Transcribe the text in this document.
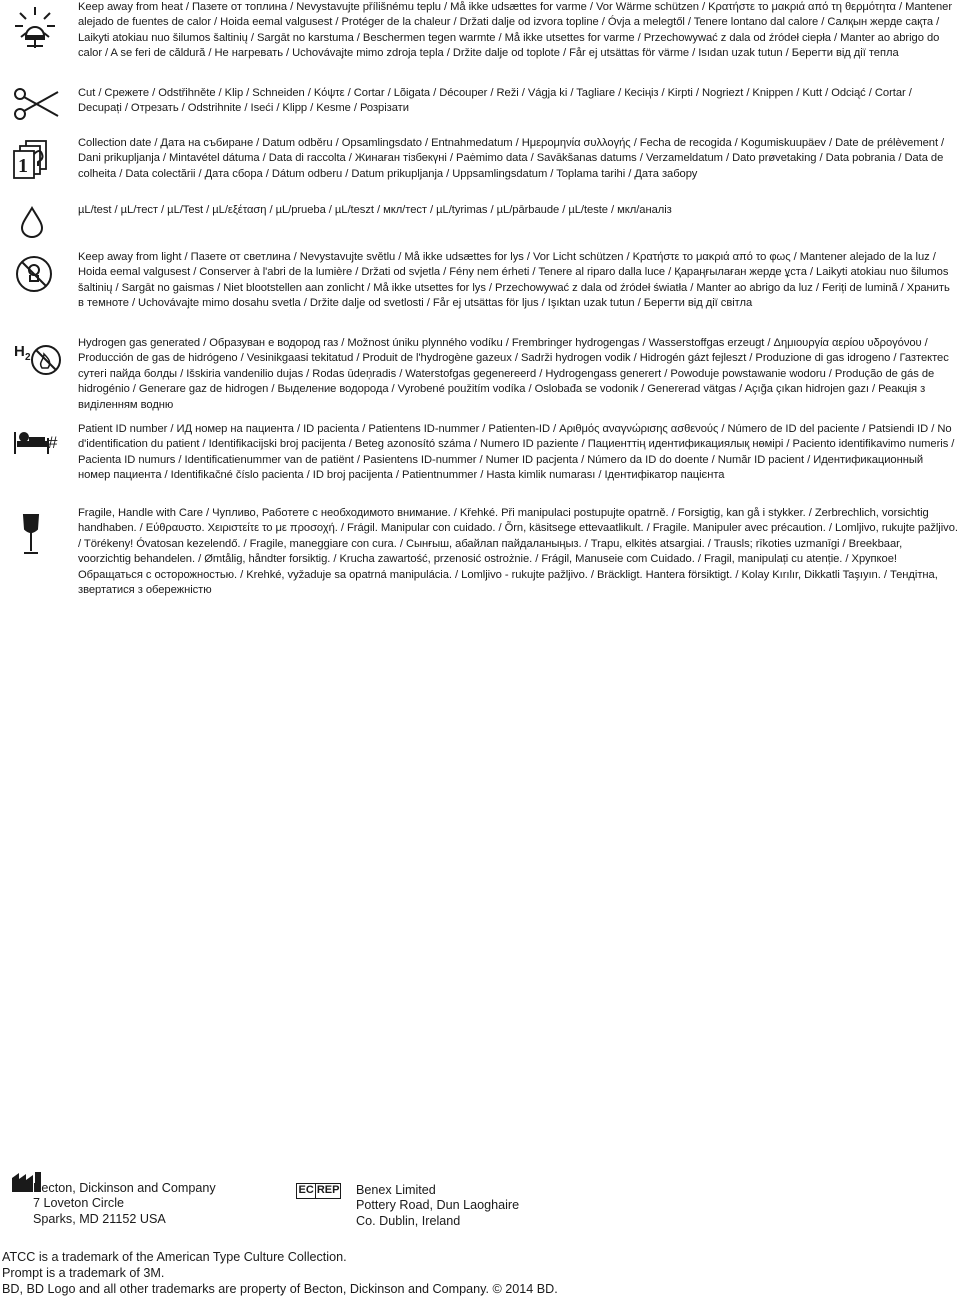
Keep away from heat / Пазете от топлина / Nevystavujte přílišnému teplu / Må ikke udsættes for varme / Vor Wärme schützen / Κρατήστε το μακριά από τη θερμότητα / Mantener alejado de fuentes de calor / Hoida eemal valgusest / Protéger de la chaleur / Držati dalje od izvora topline / Óvja a melegtől / Tenere lontano dal calore / Салқын жерде сақта / Laikyti atokiau nuo šilumos šaltinių / Sargāt no karstuma / Beschermen tegen warmte / Må ikke utsettes for varme / Przechowywać z dala od źródeł ciepła / Manter ao abrigo do calor / A se feri de căldură / Не нагревать / Uchovávajte mimo zdroja tepla / Držite dalje od toplote / Får ej utsättas för värme / Isıdan uzak tutun / Берегти від дії тепла
Cut / Срежете / Odstřihněte / Klip / Schneiden / Κόψτε / Cortar / Lõigata / Découper / Reži / Vágja ki / Tagliare / Кесіңіз / Kirpti / Nogriezt / Knippen / Kutt / Odciąć / Cortar / Decupați / Отрезать / Odstrihnite / Iseći / Klipp / Kesme / Розрізати
1
Collection date / Дата на събиране / Datum odběru / Opsamlingsdato / Entnahmedatum / Ημερομηνία συλλογής / Fecha de recogida / Kogumiskuupäev / Date de prélèvement / Dani prikupljanja / Mintavétel dátuma / Data di raccolta / Жинаған тізбекүні / Paėmimo data / Savākšanas datums / Verzameldatum / Dato prøvetaking / Data pobrania / Data de colheita / Data colectării / Дата сбора / Dátum odberu / Datum prikupljanja / Uppsamlingsdatum / Toplama tarihi / Дата забору
µL/test / µL/тест / µL/Test / µL/εξέταση / µL/prueba / µL/teszt / мкл/тест / µL/tyrimas / µL/pārbaude / µL/teste / мкл/аналіз
Keep away from light / Пазете от светлина / Nevystavujte světlu / Må ikke udsættes for lys / Vor Licht schützen / Κρατήστε το μακριά από το φως / Mantener alejado de la luz / Hoida eemal valgusest / Conserver à l'abri de la lumière / Držati od svjetla / Fény nem érheti / Tenere al riparo dalla luce / Қараңғылаған жерде ұста / Laikyti atokiau nuo šilumos šaltinių / Sargāt no gaismas / Niet blootstellen aan zonlicht / Må ikke utsettes for lys / Przechowywać z dala od źródeł światła / Manter ao abrigo da luz / Feriți de lumină / Хранить в темноте / Uchovávajte mimo dosahu svetla / Držite dalje od svetlosti / Får ej utsättas för ljus / Işıktan uzak tutun / Берегти від дії світла
H 2
Hydrogen gas generated / Образуван е водород газ / Možnost úniku plynného vodíku / Frembringer hydrogengas / Wasserstoffgas erzeugt / Δημιουργία αερίου υδρογόνου / Producción de gas de hidrógeno / Vesinikgaasi tekitatud / Produit de l'hydrogène gazeux / Sadrži hydrogen vodik / Hidrogén gázt fejleszt / Produzione di gas idrogeno / Газтектес сутегі пайда болды / Išskiria vandenilio dujas / Rodas ūdeņradis / Waterstofgas gegenereerd / Hydrogengass generert / Powoduje powstawanie wodoru / Produção de gás de hidrogénio / Generare gaz de hidrogen / Выделение водорода / Vyrobené použitím vodíka / Oslobađa se vodonik / Genererad vätgas / Açığa çıkan hidrojen gazı / Реакція з виділенням водню
#
Patient ID number / ИД номер на пациента / ID pacienta / Patientens ID-nummer / Patienten-ID / Αριθμός αναγνώρισης ασθενούς / Número de ID del paciente / Patsiendi ID / No d'identification du patient / Identifikacijski broj pacijenta / Beteg azonosító száma / Numero ID paziente / Пациенттің идентификациялық нөмірі / Paciento identifikavimo numeris / Pacienta ID numurs / Identificatienummer van de patiënt / Pasientens ID-nummer / Numer ID pacjenta / Número da ID do doente / Număr ID pacient / Идентификационный номер пациента / Identifikačné číslo pacienta / ID broj pacijenta / Patientnummer / Hasta kimlik numarası / Ідентифікатор пацієнта
Fragile, Handle with Care / Чупливо, Работете с необходимото внимание. / Křehké. Při manipulaci postupujte opatrně. / Forsigtig, kan gå i stykker. / Zerbrechlich, vorsichtig handhaben. / Εύθραυστο. Χειριστείτε το με προσοχή. / Frágil. Manipular con cuidado. / Õrn, käsitsege ettevaatlikult. / Fragile. Manipuler avec précaution. / Lomljivo, rukujte pažljivo. / Törékeny! Óvatosan kezelendő. / Fragile, maneggiare con cura. / Сынғыш, абайлап пайдаланыңыз. / Trapu, elkitės atsargiai. / Trausls; rīkoties uzmanīgi / Breekbaar, voorzichtig behandelen. / Ømtålig, håndter forsiktig. / Krucha zawartość, przenosić ostrożnie. / Frágil, Manuseie com Cuidado. / Fragil, manipulați cu atenție. / Хрупкое! Обращаться с осторожностью. / Krehké, vyžaduje sa opatrná manipulácia. / Lomljivo - rukujte pažljivo. / Bräckligt. Hantera försiktigt. / Kolay Kırılır, Dikkatli Taşıyın. / Тендітна, звертатися з обережністю
Becton, Dickinson and Company
7 Loveton Circle
Sparks, MD 21152 USA
EC REP Benex Limited
Pottery Road, Dun Laoghaire
Co. Dublin, Ireland
ATCC is a trademark of the American Type Culture Collection.
Prompt is a trademark of 3M.
BD, BD Logo and all other trademarks are property of Becton, Dickinson and Company. © 2014 BD.
